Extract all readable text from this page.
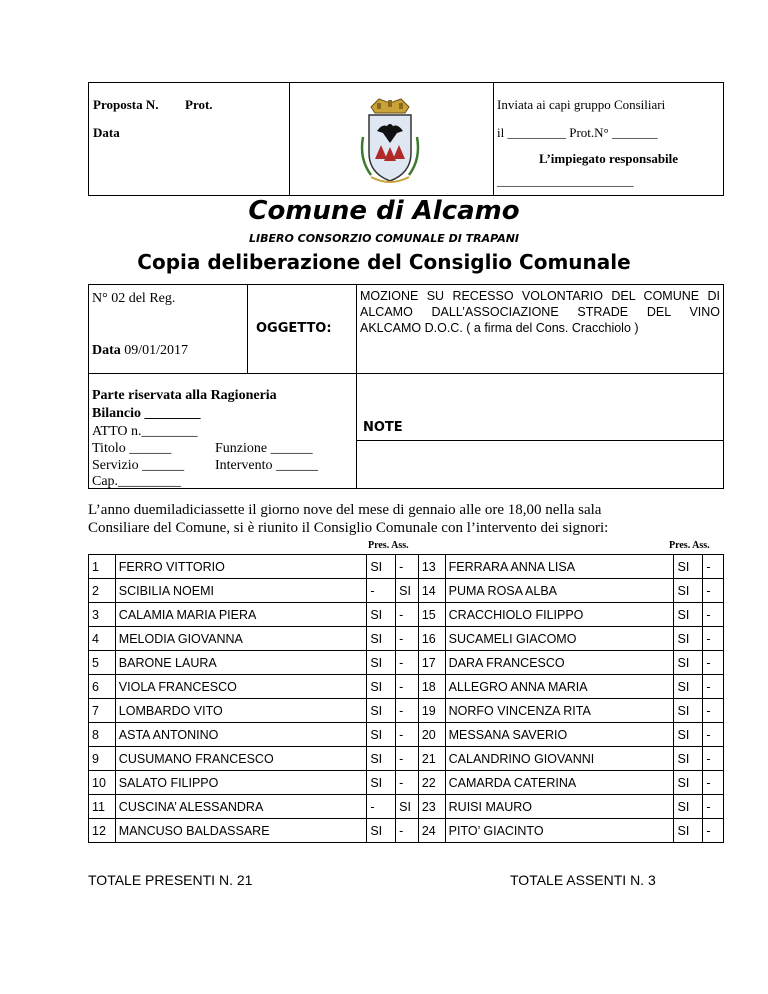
Proposta N. Prot.
Data
Inviata ai capi gruppo Consiliari
il _________ Prot.N° _______
L’impiegato responsabile
_____________________
Comune di Alcamo
LIBERO CONSORZIO COMUNALE DI TRAPANI
Copia deliberazione del Consiglio Comunale
N° 02 del Reg.
Data 09/01/2017
OGGETTO:
MOZIONE SU RECESSO VOLONTARIO DEL COMUNE DI ALCAMO DALL’ASSOCIAZIONE STRADE DEL VINO AKLCAMO D.O.C. ( a firma del Cons. Cracchiolo )
Parte riservata alla Ragioneria
Bilancio ________
ATTO n.________
Titolo ______	Funzione ______
Servizio ______ Intervento ______
Cap._________
NOTE
L’anno duemiladiciassette il giorno nove del mese di gennaio alle ore 18,00 nella sala
Consiliare del Comune, si è riunito il Consiglio Comunale con l’intervento dei signori:
Pres. Ass.	Pres. Ass.
1	FERRO VITTORIO	SI	-	13	FERRARA ANNA LISA	SI	-
2	SCIBILIA NOEMI	-	SI	14	PUMA ROSA ALBA	SI	-
3	CALAMIA MARIA PIERA	SI	-	15	CRACCHIOLO FILIPPO	SI	-
4	MELODIA GIOVANNA	SI	-	16	SUCAMELI GIACOMO	SI	-
5	BARONE LAURA	SI	-	17	DARA FRANCESCO	SI	-
6	VIOLA FRANCESCO	SI	-	18	ALLEGRO ANNA MARIA	SI	-
7	LOMBARDO VITO	SI	-	19	NORFO VINCENZA RITA	SI	-
8	ASTA ANTONINO	SI	-	20	MESSANA SAVERIO	SI	-
9	CUSUMANO FRANCESCO	SI	-	21	CALANDRINO GIOVANNI	SI	-
10	SALATO FILIPPO	SI	-	22	CAMARDA CATERINA	SI	-
11	CUSCINA’ ALESSANDRA	-	SI	23	RUISI MAURO	SI	-
12	MANCUSO BALDASSARE	SI	-	24	PITO’ GIACINTO	SI	-
TOTALE PRESENTI N. 21	TOTALE ASSENTI N. 3
